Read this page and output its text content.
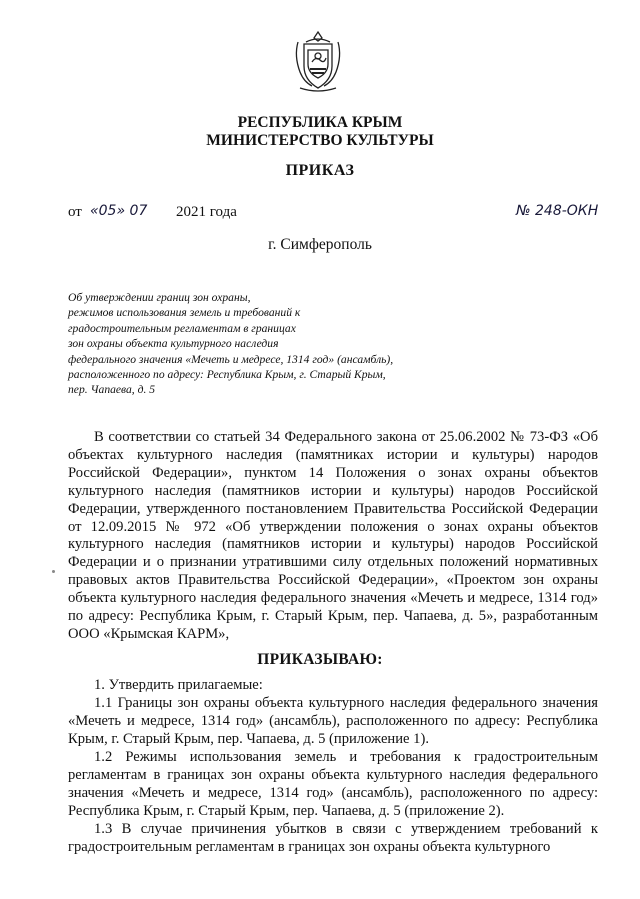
РЕСПУБЛИКА КРЫМ
МИНИСТЕРСТВО КУЛЬТУРЫ
ПРИКАЗ
от «05» 07 2021 года	№ 248-ОКН
г. Симферополь
Об утверждении границ зон охраны,
режимов использования земель и требований к
градостроительным регламентам в границах
зон охраны объекта культурного наследия
федерального значения «Мечеть и медресе, 1314 год» (ансамбль),
расположенного по адресу: Республика Крым, г. Старый Крым,
пер. Чапаева, д. 5
В соответствии со статьей 34 Федерального закона от 25.06.2002 № 73-ФЗ «Об объектах культурного наследия (памятниках истории и культуры) народов Российской Федерации», пунктом 14 Положения о зонах охраны объектов культурного наследия (памятников истории и культуры) народов Российской Федерации, утвержденного постановлением Правительства Российской Федерации от 12.09.2015 № 972 «Об утверждении положения о зонах охраны объектов культурного наследия (памятников истории и культуры) народов Российской Федерации и о признании утратившими силу отдельных положений нормативных правовых актов Правительства Российской Федерации», «Проектом зон охраны объекта культурного наследия федерального значения «Мечеть и медресе, 1314 год» по адресу: Республика Крым, г. Старый Крым, пер. Чапаева, д. 5», разработанным ООО «Крымская КАРМ»,
ПРИКАЗЫВАЮ:
1. Утвердить прилагаемые:
1.1 Границы зон охраны объекта культурного наследия федерального значения «Мечеть и медресе, 1314 год» (ансамбль), расположенного по адресу: Республика Крым, г. Старый Крым, пер. Чапаева, д. 5 (приложение 1).
1.2 Режимы использования земель и требования к градостроительным регламентам в границах зон охраны объекта культурного наследия федерального значения «Мечеть и медресе, 1314 год» (ансамбль), расположенного по адресу: Республика Крым, г. Старый Крым, пер. Чапаева, д. 5 (приложение 2).
1.3 В случае причинения убытков в связи с утверждением требований к градостроительным регламентам в границах зон охраны объекта культурного
